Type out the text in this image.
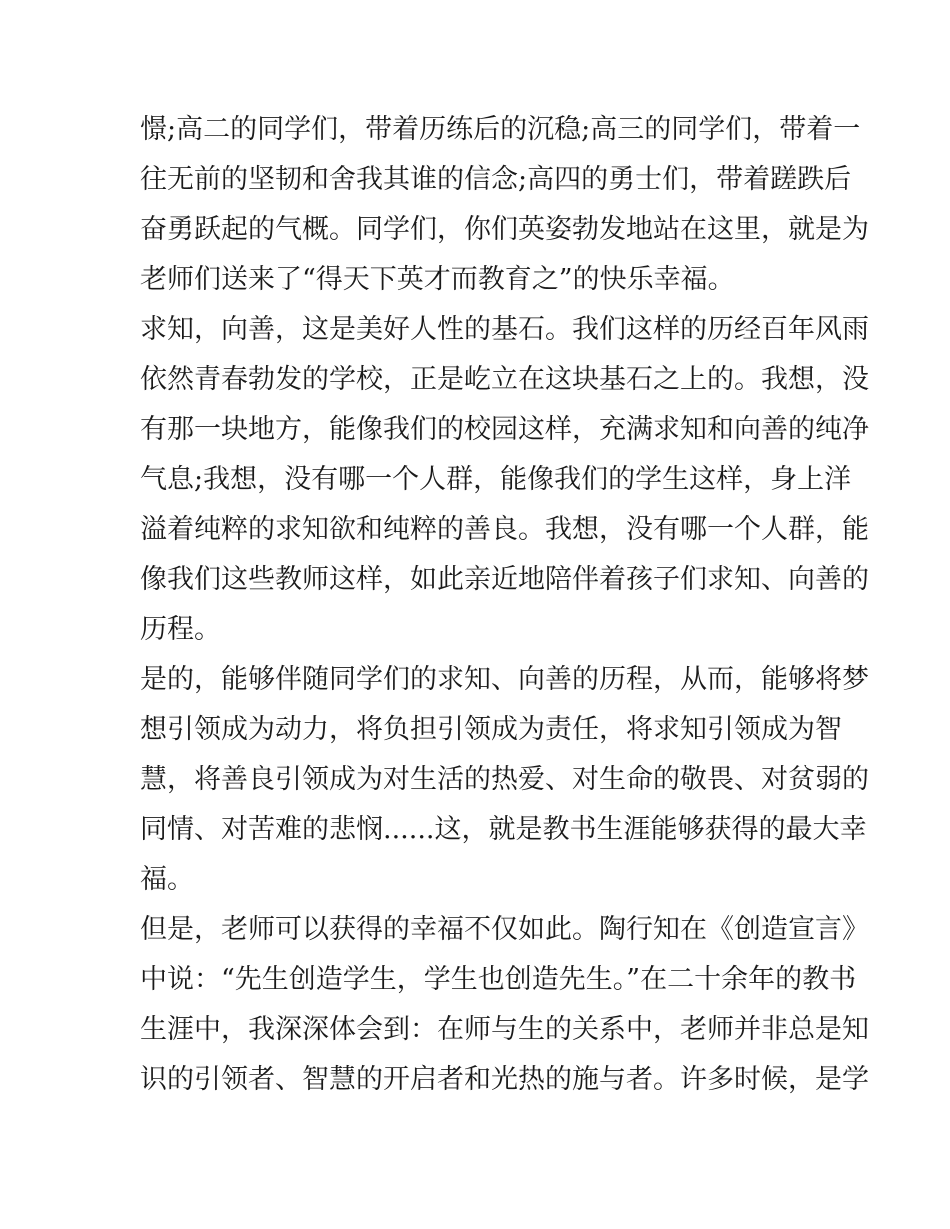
憬;高二的同学们，带着历练后的沉稳;高三的同学们，带着一
往无前的坚韧和舍我其谁的信念;高四的勇士们，带着蹉跌后
奋勇跃起的气概。同学们，你们英姿勃发地站在这里，就是为
老师们送来了“得天下英才而教育之”的快乐幸福。
求知，向善，这是美好人性的基石。我们这样的历经百年风雨
依然青春勃发的学校，正是屹立在这块基石之上的。我想，没
有那一块地方，能像我们的校园这样，充满求知和向善的纯净
气息;我想，没有哪一个人群，能像我们的学生这样，身上洋
溢着纯粹的求知欲和纯粹的善良。我想，没有哪一个人群，能
像我们这些教师这样，如此亲近地陪伴着孩子们求知、向善的
历程。
是的，能够伴随同学们的求知、向善的历程，从而，能够将梦
想引领成为动力，将负担引领成为责任，将求知引领成为智
慧，将善良引领成为对生活的热爱、对生命的敬畏、对贫弱的
同情、对苦难的悲悯......这，就是教书生涯能够获得的最大幸
福。
但是，老师可以获得的幸福不仅如此。陶行知在《创造宣言》
中说：“先生创造学生，学生也创造先生。”在二十余年的教书
生涯中，我深深体会到：在师与生的关系中，老师并非总是知
识的引领者、智慧的开启者和光热的施与者。许多时候，是学
